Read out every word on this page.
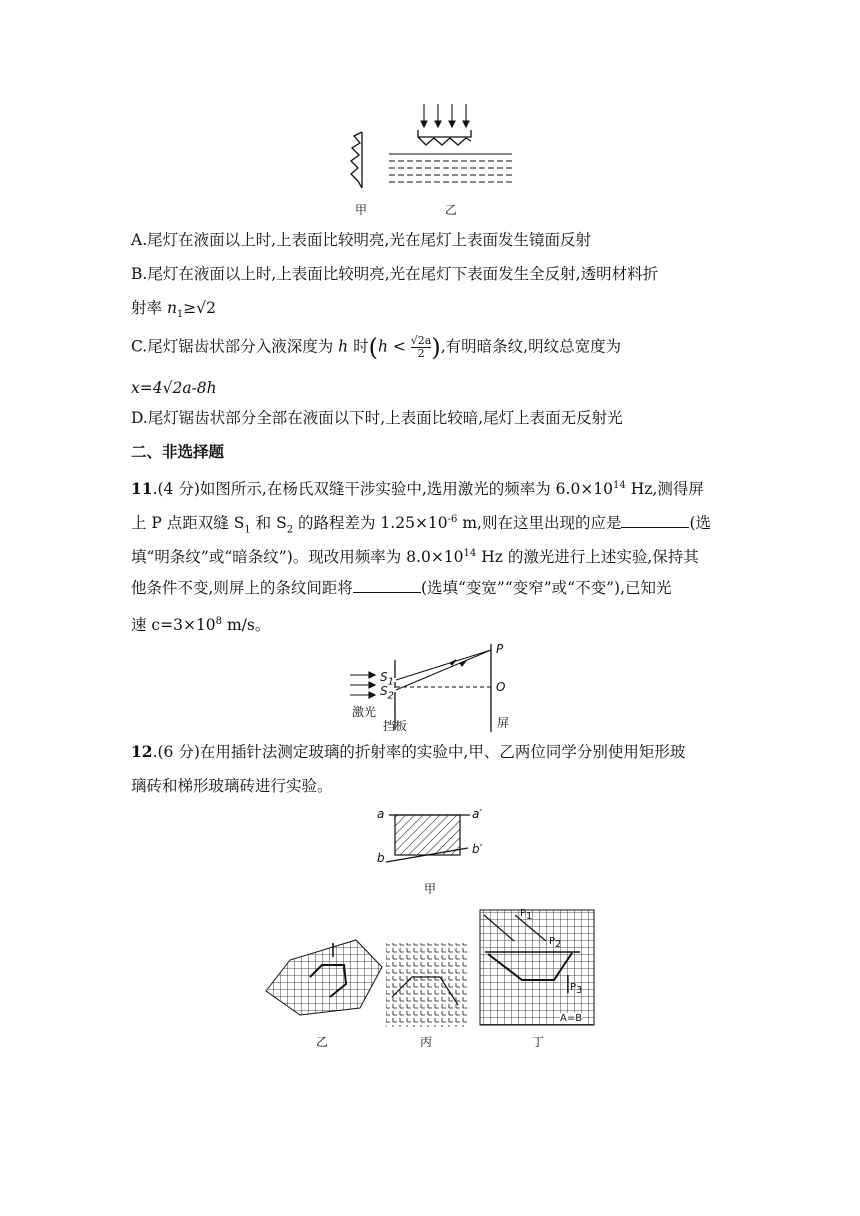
甲	乙
A.尾灯在液面以上时,上表面比较明亮,光在尾灯上表面发生镜面反射
B.尾灯在液面以上时,上表面比较明亮,光在尾灯下表面发生全反射,透明材料折
射率 $n_1\ge√2$
C.尾灯锯齿状部分入液深度为 h 时($h < \frac{√2a}{2}$ ),有明暗条纹,明纹总宽度为
x=4√2a-8h
D.尾灯锯齿状部分全部在液面以下时,上表面比较暗,尾灯上表面无反射光
二、非选择题
11.(4 分)如图所示,在杨氏双缝干涉实验中,选用激光的频率为 $6.0\times 10^{14}$ Hz,测得屏
上 P 点距双缝 $S_1$ 和 $S_2$ 的路程差为 $1.25\times 10^{-6}$ m,则在这里出现的应是	(选
填“明条纹”或“暗条纹”)。现改用频率为 $8.0\times 10^{14}$ Hz 的激光进行上述实验,保持其
他条件不变,则屏上的条纹间距将	(选填“变宽”“变窄”或“不变”),已知光
速 $c=3\times 10^8$ m/s。
P
$S_1$
$S_2$
O
激光
挡板	屏
12.(6 分)在用插针法测定玻璃的折射率的实验中,甲、乙两位同学分别使用矩形玻
璃砖和梯形玻璃砖进行实验。
a	a′
b
b′
甲
$P_1$
$P_2$
$P_3$
A=B
乙	丙	丁
